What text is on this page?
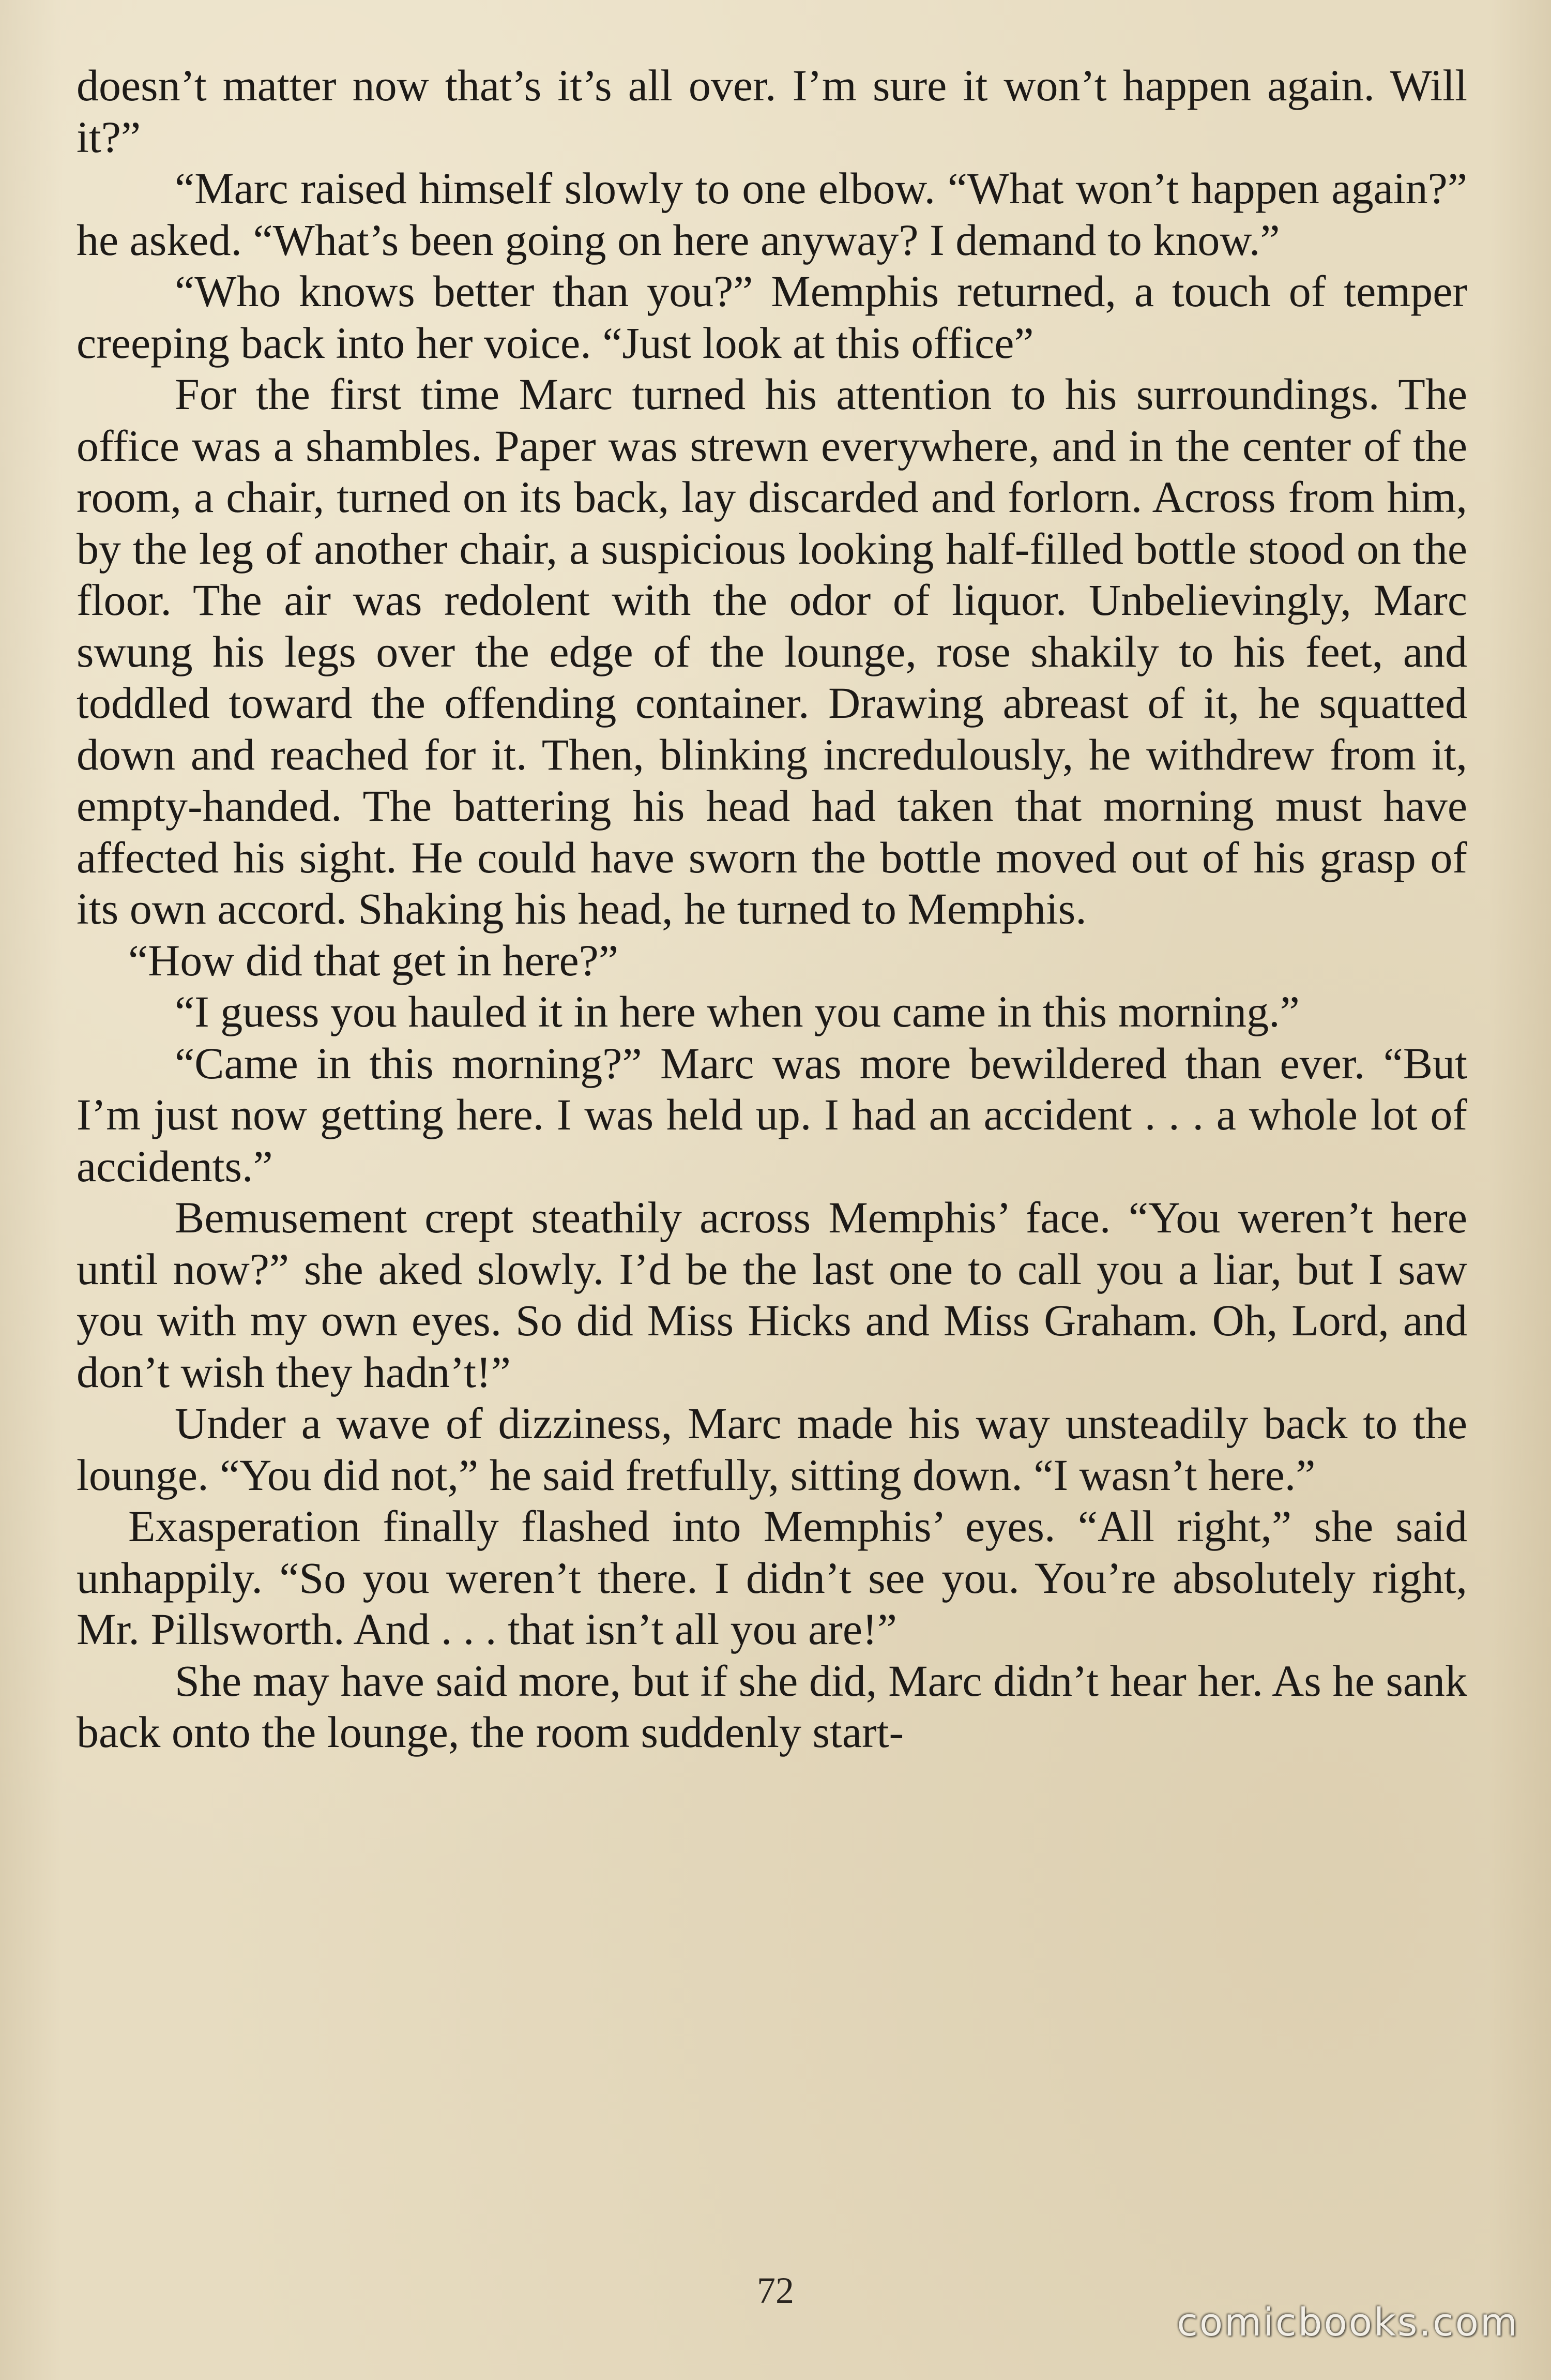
doesn’t matter now that’s it’s all over. I’m sure it won’t happen again. Will it?”

“Marc raised himself slowly to one elbow. “What won’t happen again?” he asked. “What’s been going on here anyway? I demand to know.”

“Who knows better than you?” Memphis returned, a touch of temper creeping back into her voice. “Just look at this office”

For the first time Marc turned his attention to his surroundings. The office was a shambles. Paper was strewn everywhere, and in the center of the room, a chair, turned on its back, lay discarded and forlorn. Across from him, by the leg of another chair, a suspicious looking half-filled bottle stood on the floor. The air was redolent with the odor of liquor. Unbelievingly, Marc swung his legs over the edge of the lounge, rose shakily to his feet, and toddled toward the offending container. Drawing abreast of it, he squatted down and reached for it. Then, blinking incredulously, he withdrew from it, empty-handed. The battering his head had taken that morning must have affected his sight. He could have sworn the bottle moved out of his grasp of its own accord. Shaking his head, he turned to Memphis.

“How did that get in here?”

“I guess you hauled it in here when you came in this morning.”

“Came in this morning?” Marc was more bewildered than ever. “But I’m just now getting here. I was held up. I had an accident . . . a whole lot of accidents.”

Bemusement crept steathily across Memphis’ face. “You weren’t here until now?” she aked slowly. I’d be the last one to call you a liar, but I saw you with my own eyes. So did Miss Hicks and Miss Graham. Oh, Lord, and don’t wish they hadn’t!”

Under a wave of dizziness, Marc made his way unsteadily back to the lounge. “You did not,” he said fretfully, sitting down. “I wasn’t here.”

Exasperation finally flashed into Memphis’ eyes. “All right,” she said unhappily. “So you weren’t there. I didn’t see you. You’re absolutely right, Mr. Pillsworth. And . . . that isn’t all you are!”

She may have said more, but if she did, Marc didn’t hear her. As he sank back onto the lounge, the room suddenly start-

72
comicbooks.com
